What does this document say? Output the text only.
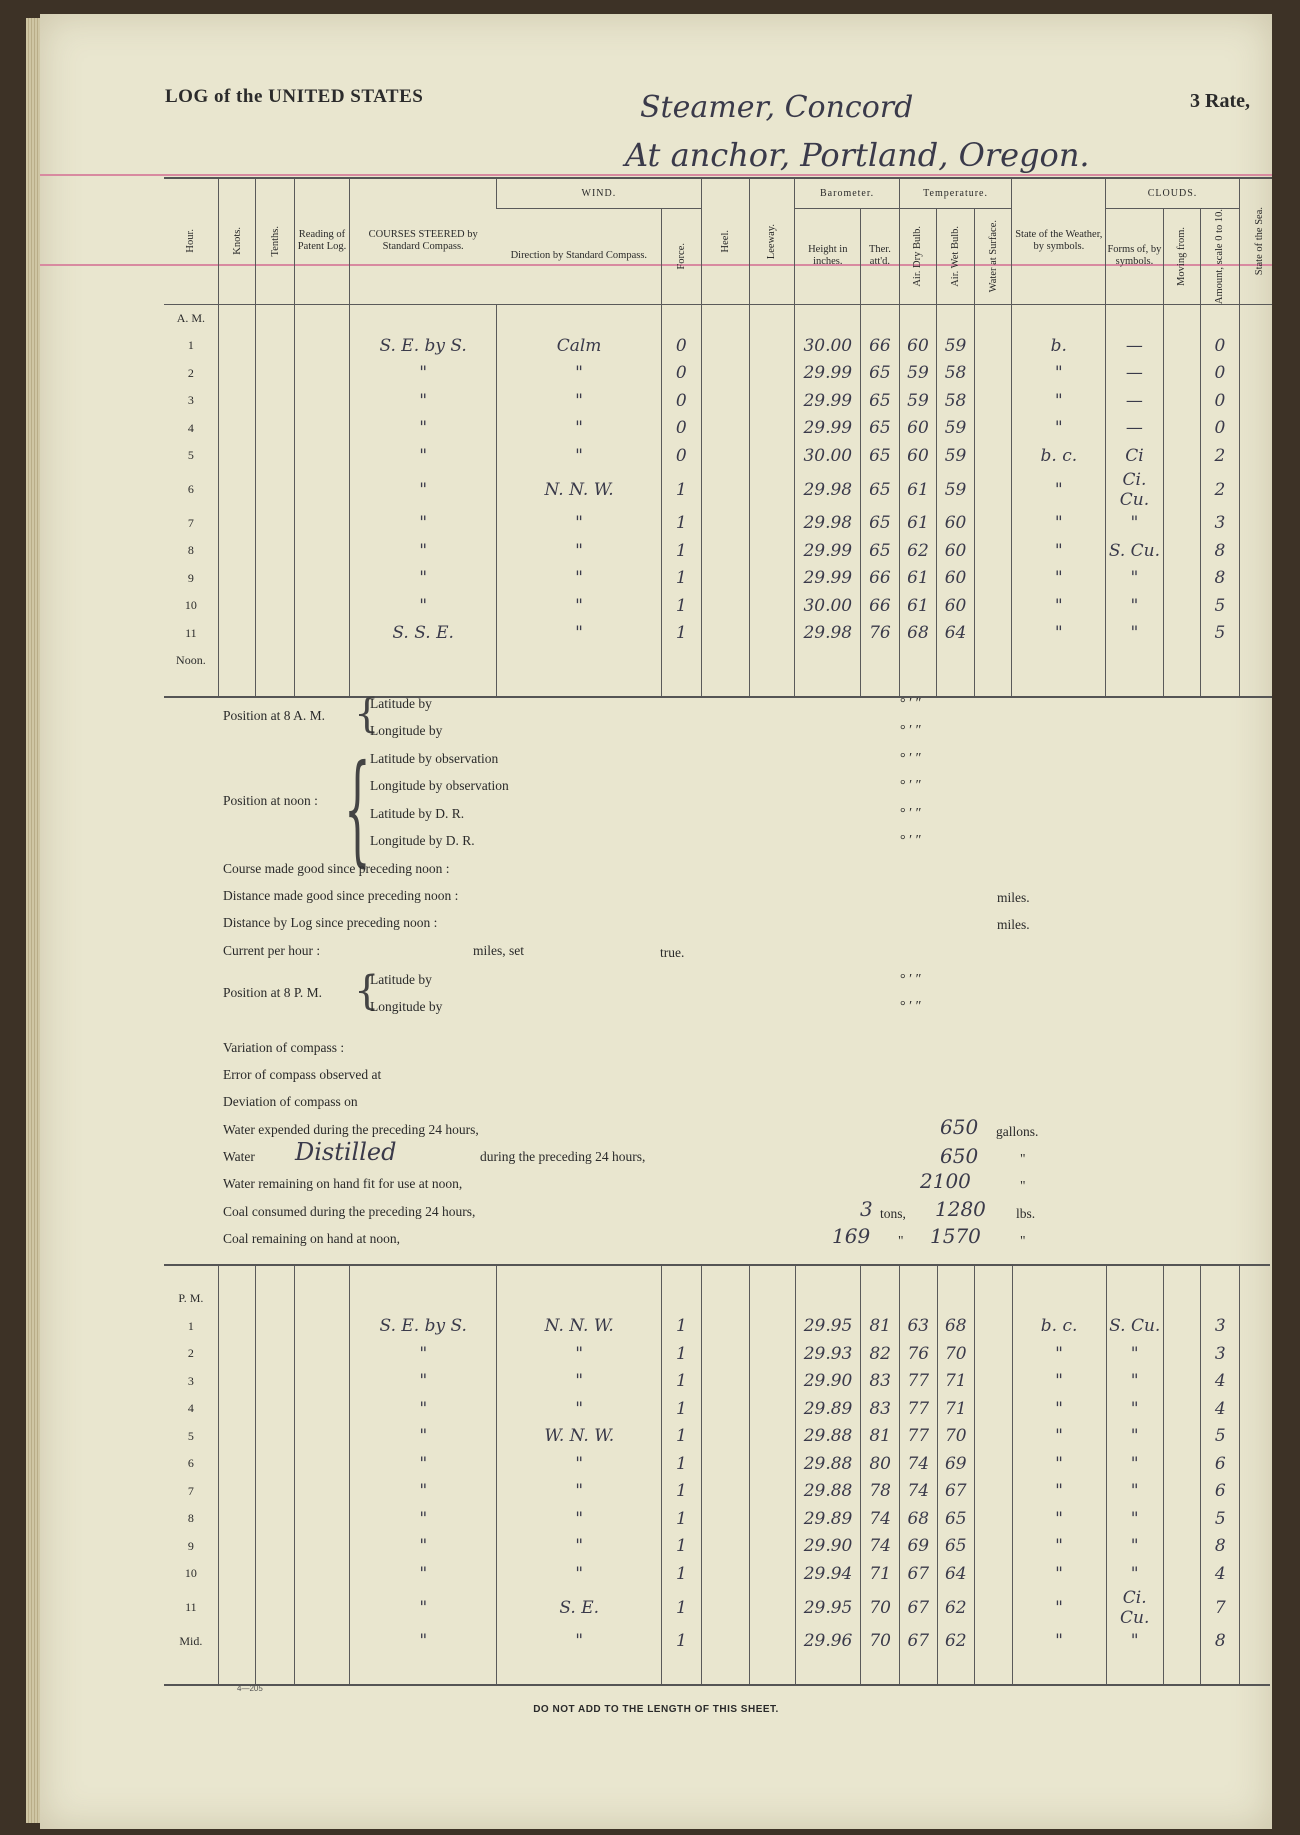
LOG of the UNITED STATES	Steamer, Concord	3 Rate,
At anchor, Portland, Oregon.
Hour.	Knots.	Tenths.	Reading of Patent Log.	COURSES STEERED by Standard Compass.	WIND.		Heel.	Leeway.	Barometer.		Temperature.			State of the Weather, by symbols.	CLOUDS.			State of the Sea.

					Direction by Standard Compass.	Force.			Height in inches.	Ther. att'd.	Air. Dry Bulb.	Air. Wet Bulb.	Water at Surface.		Forms of, by symbols.	Moving from.	Amount, scale 0 to 10.	

A. M.																		
1				S. E. by S.	Calm	0			30.00	66	60	59		b.	—		0	
2				"	"	0			29.99	65	59	58		"	—		0	
3				"	"	0			29.99	65	59	58		"	—		0	
4				"	"	0			29.99	65	60	59		"	—		0	
5				"	"	0			30.00	65	60	59		b. c.	Ci		2	
6				"	N. N. W.	1			29.98	65	61	59		"	Ci. Cu.		2	
7				"	"	1			29.98	65	61	60		"	"		3	
8				"	"	1			29.99	65	62	60		"	S. Cu.		8	
9				"	"	1			29.99	66	61	60		"	"		8	
10				"	"	1			30.00	66	61	60		"	"		5	
11				S. S. E.	"	1			29.98	76	68	64		"	"		5	
Noon.																		

Position at 8 A. M. {
Latitude by
Longitude by
° ′ ″
° ′ ″
Position at noon : { Latitude by observation
Longitude by observation
Latitude by D. R.
Longitude by D. R.
° ′ ″
° ′ ″
° ′ ″
° ′ ″
Course made good since preceding noon :
Distance made good since preceding noon :	miles.
Distance by Log since preceding noon :	miles.
Current per hour :	miles, set	true.
Position at 8 P. M. {
Latitude by
Longitude by
° ′ ″
° ′ ″
Variation of compass :
Error of compass observed at
Deviation of compass on
Water expended during the preceding 24 hours,	650 gallons.
Water Distilled	during the preceding 24 hours,	650	"
Water remaining on hand fit for use at noon,	2100	"
Coal consumed during the preceding 24 hours,	3 tons, 1280 lbs.
Coal remaining on hand at noon,	169 " 1570	"

P. M.																		
1				S. E. by S.	N. N. W.	1			29.95	81	63	68		b. c.	S. Cu.		3	
2				"	"	1			29.93	82	76	70		"	"		3	
3				"	"	1			29.90	83	77	71		"	"		4	
4				"	"	1			29.89	83	77	71		"	"		4	
5				"	W. N. W.	1			29.88	81	77	70		"	"		5	
6				"	"	1			29.88	80	74	69		"	"		6	
7				"	"	1			29.88	78	74	67		"	"		6	
8				"	"	1			29.89	74	68	65		"	"		5	
9				"	"	1			29.90	74	69	65		"	"		8	
10				"	"	1			29.94	71	67	64		"	"		4	
11				"	S. E.	1			29.95	70	67	62		"	Ci. Cu.		7	
Mid.				"	"	1			29.96	70	67	62		"	"		8	

4—205
DO NOT ADD TO THE LENGTH OF THIS SHEET.
